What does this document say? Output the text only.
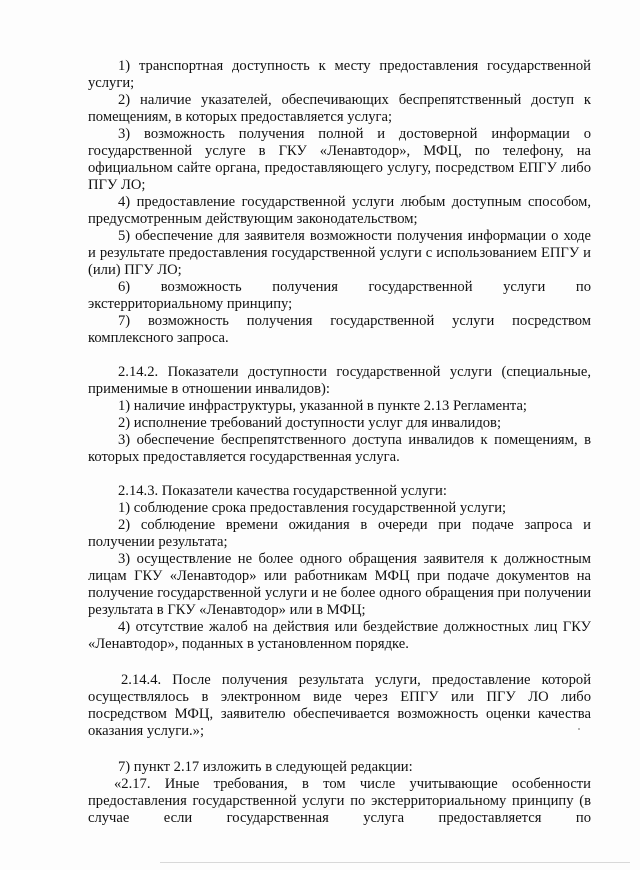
1) транспортная доступность к месту предоставления государственной услуги;

2) наличие указателей, обеспечивающих беспрепятственный доступ к помещениям, в которых предоставляется услуга;

3) возможность получения полной и достоверной информации о государственной услуге в ГКУ «Ленавтодор», МФЦ, по телефону, на официальном сайте органа, предоставляющего услугу, посредством ЕПГУ либо ПГУ ЛО;

4) предоставление государственной услуги любым доступным способом, предусмотренным действующим законодательством;

5) обеспечение для заявителя возможности получения информации о ходе и результате предоставления государственной услуги с использованием ЕПГУ и (или) ПГУ ЛО;

6) возможность получения государственной услуги по экстерриториальному принципу;

7) возможность получения государственной услуги посредством комплексного запроса.

2.14.2. Показатели доступности государственной услуги (специальные, применимые в отношении инвалидов):

1) наличие инфраструктуры, указанной в пункте 2.13 Регламента;

2) исполнение требований доступности услуг для инвалидов;

3) обеспечение беспрепятственного доступа инвалидов к помещениям, в которых предоставляется государственная услуга.

2.14.3. Показатели качества государственной услуги:

1) соблюдение срока предоставления государственной услуги;

2) соблюдение времени ожидания в очереди при подаче запроса и получении результата;

3) осуществление не более одного обращения заявителя к должностным лицам ГКУ «Ленавтодор» или работникам МФЦ при подаче документов на получение государственной услуги и не более одного обращения при получении результата в ГКУ «Ленавтодор» или в МФЦ;

4) отсутствие жалоб на действия или бездействие должностных лиц ГКУ «Ленавтодор», поданных в установленном порядке.

2.14.4. После получения результата услуги, предоставление которой осуществлялось в электронном виде через ЕПГУ или ПГУ ЛО либо посредством МФЦ, заявителю обеспечивается возможность оценки качества оказания услуги.»;

7) пункт 2.17 изложить в следующей редакции:

«2.17. Иные требования, в том числе учитывающие особенности предоставления государственной услуги по экстерриториальному принципу (в случае если государственная услуга предоставляется по
